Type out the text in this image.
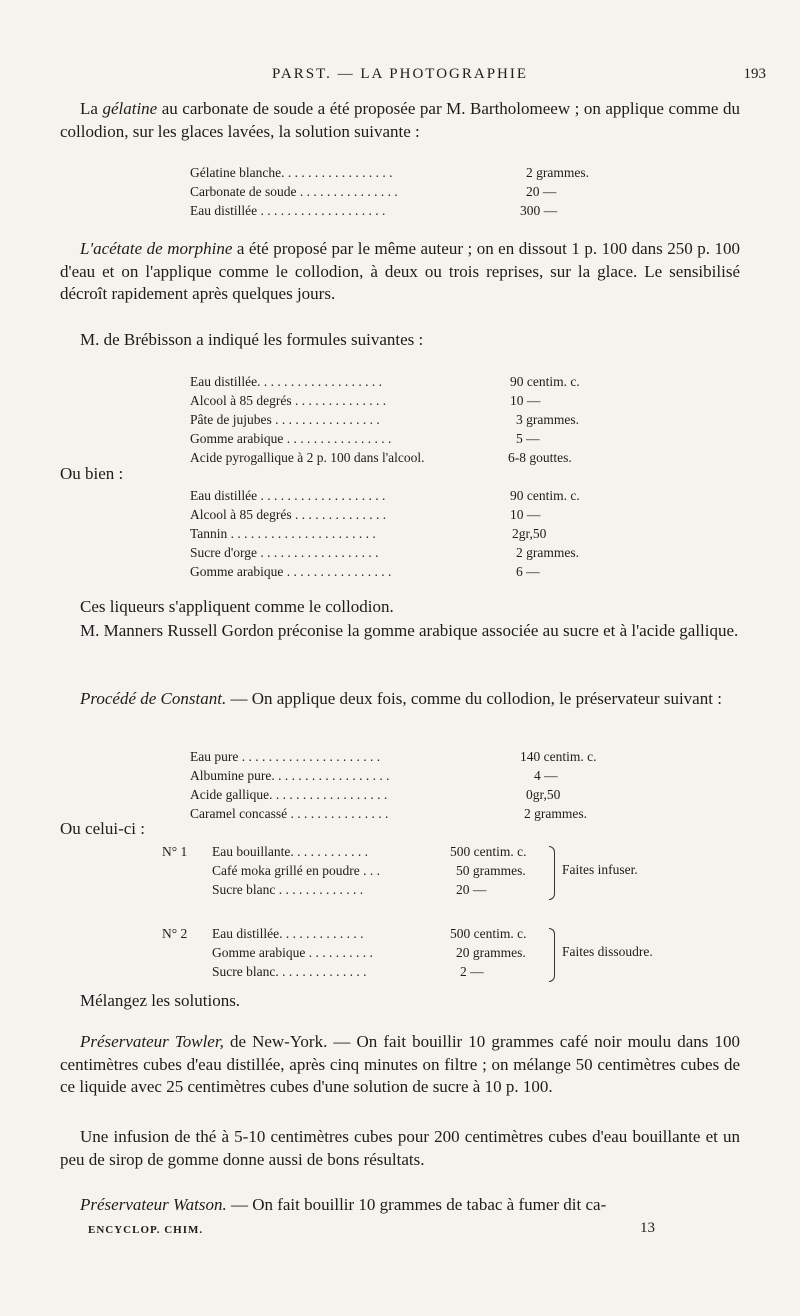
PARST. — LA PHOTOGRAPHIE	193

La gélatine au carbonate de soude a été proposée par M. Bartholomeew ; on applique comme du collodion, sur les glaces lavées, la solution suivante :

Gélatine blanche. . . . . . . . . . . . . . . . .	2 grammes.
Carbonate de soude . . . . . . . . . . . . . . .	20 —
Eau distillée . . . . . . . . . . . . . . . . . . .	300 —

L'acétate de morphine a été proposé par le même auteur ; on en dissout 1 p. 100 dans 250 p. 100 d'eau et on l'applique comme le collodion, à deux ou trois reprises, sur la glace. Le sensibilisé décroît rapidement après quelques jours.

M. de Brébisson a indiqué les formules suivantes :

Eau distillée. . . . . . . . . . . . . . . . . . .	90 centim. c.
Alcool à 85 degrés . . . . . . . . . . . . . .	10 —
Pâte de jujubes . . . . . . . . . . . . . . . .	3 grammes.
Gomme arabique . . . . . . . . . . . . . . . .	5 —
Acide pyrogallique à 2 p. 100 dans l'alcool.	6-8 gouttes.
Ou bien :
Eau distillée . . . . . . . . . . . . . . . . . . .	90 centim. c.
Alcool à 85 degrés . . . . . . . . . . . . . .	10 —
Tannin . . . . . . . . . . . . . . . . . . . . . .	2gr,50
Sucre d'orge . . . . . . . . . . . . . . . . . .	2 grammes.
Gomme arabique . . . . . . . . . . . . . . . .	6 —

Ces liqueurs s'appliquent comme le collodion.

M. Manners Russell Gordon préconise la gomme arabique associée au sucre et à l'acide gallique.

Procédé de Constant. — On applique deux fois, comme du collodion, le préservateur suivant :

Eau pure . . . . . . . . . . . . . . . . . . . . .	140 centim. c.
Albumine pure. . . . . . . . . . . . . . . . . .	4 —
Acide gallique. . . . . . . . . . . . . . . . . .	0gr,50
Caramel concassé . . . . . . . . . . . . . . .	2 grammes.
Ou celui-ci :
N° 1 Eau bouillante. . . . . . . . . . . .	500 centim. c.
Café moka grillé en poudre . . .	50 grammes.
Sucre blanc . . . . . . . . . . . . .	20 —
Faites infuser.
N° 2 Eau distillée. . . . . . . . . . . . .	500 centim. c.
Gomme arabique . . . . . . . . . .	20 grammes.
Sucre blanc. . . . . . . . . . . . . .	2 —
Faites dissoudre.

Mélangez les solutions.

Préservateur Towler, de New-York. — On fait bouillir 10 grammes café noir moulu dans 100 centimètres cubes d'eau distillée, après cinq minutes on filtre ; on mélange 50 centimètres cubes de ce liquide avec 25 centimètres cubes d'une solution de sucre à 10 p. 100.

Une infusion de thé à 5-10 centimètres cubes pour 200 centimètres cubes d'eau bouillante et un peu de sirop de gomme donne aussi de bons résultats.

Préservateur Watson. — On fait bouillir 10 grammes de tabac à fumer dit ca-

ENCYCLOP. CHIM.	13
